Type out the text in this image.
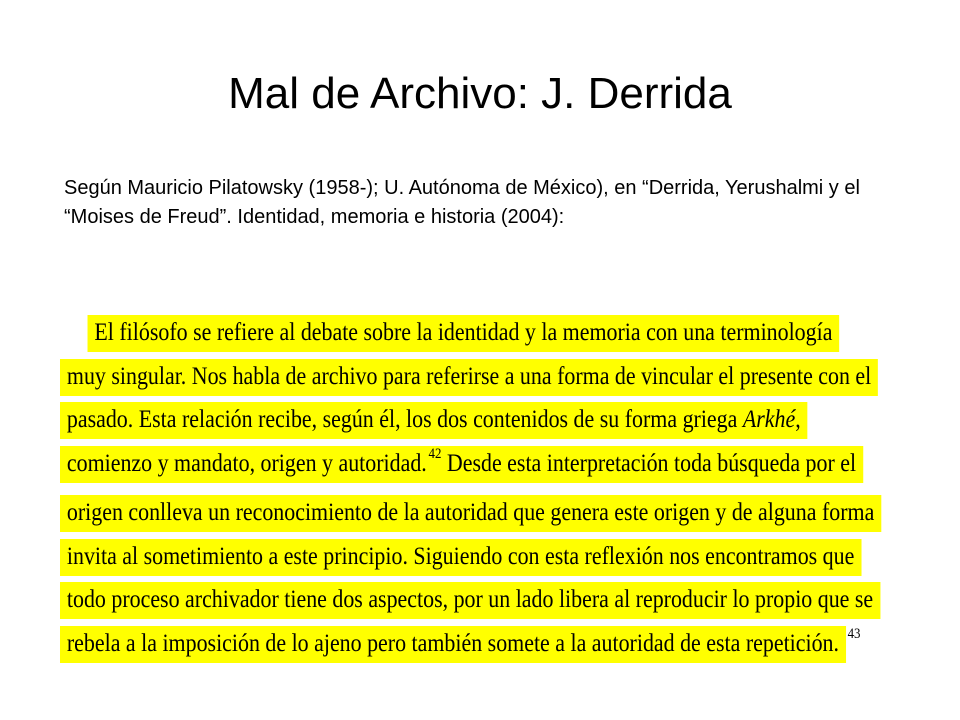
Mal de Archivo: J. Derrida
Según Mauricio Pilatowsky (1958-); U. Autónoma de México), en “Derrida, Yerushalmi y el “Moises de Freud”. Identidad, memoria e historia (2004):
El filósofo se refiere al debate sobre la identidad y la memoria con una terminología
muy singular. Nos habla de archivo para referirse a una forma de vincular el presente con el
pasado. Esta relación recibe, según él, los dos contenidos de su forma griega Arkhé,
comienzo y mandato, origen y autoridad. $^{42}$ Desde esta interpretación toda búsqueda por el
origen conlleva un reconocimiento de la autoridad que genera este origen y de alguna forma
invita al sometimiento a este principio. Siguiendo con esta reflexión nos encontramos que
todo proceso archivador tiene dos aspectos, por un lado libera al reproducir lo propio que se
rebela a la imposición de lo ajeno pero también somete a la autoridad de esta repetición. $^{43}$
